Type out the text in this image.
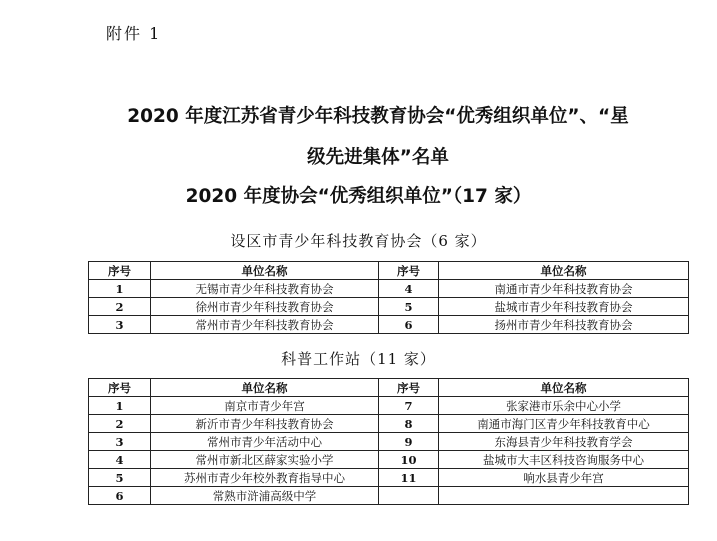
附件 1
2020 年度江苏省青少年科技教育协会“优秀组织单位”、“星
级先进集体”名单
2020 年度协会“优秀组织单位”（17 家）
设区市青少年科技教育协会（6 家）
序号	单位名称	序号	单位名称
1	无锡市青少年科技教育协会	4	南通市青少年科技教育协会
2	徐州市青少年科技教育协会	5	盐城市青少年科技教育协会
3	常州市青少年科技教育协会	6	扬州市青少年科技教育协会
科普工作站（11 家）
序号	单位名称	序号	单位名称
1	南京市青少年宫	7	张家港市乐余中心小学
2	新沂市青少年科技教育协会	8	南通市海门区青少年科技教育中心
3	常州市青少年活动中心	9	东海县青少年科技教育学会
4	常州市新北区薛家实验小学	10	盐城市大丰区科技咨询服务中心
5	苏州市青少年校外教育指导中心	11	响水县青少年宫
6	常熟市浒浦高级中学		
